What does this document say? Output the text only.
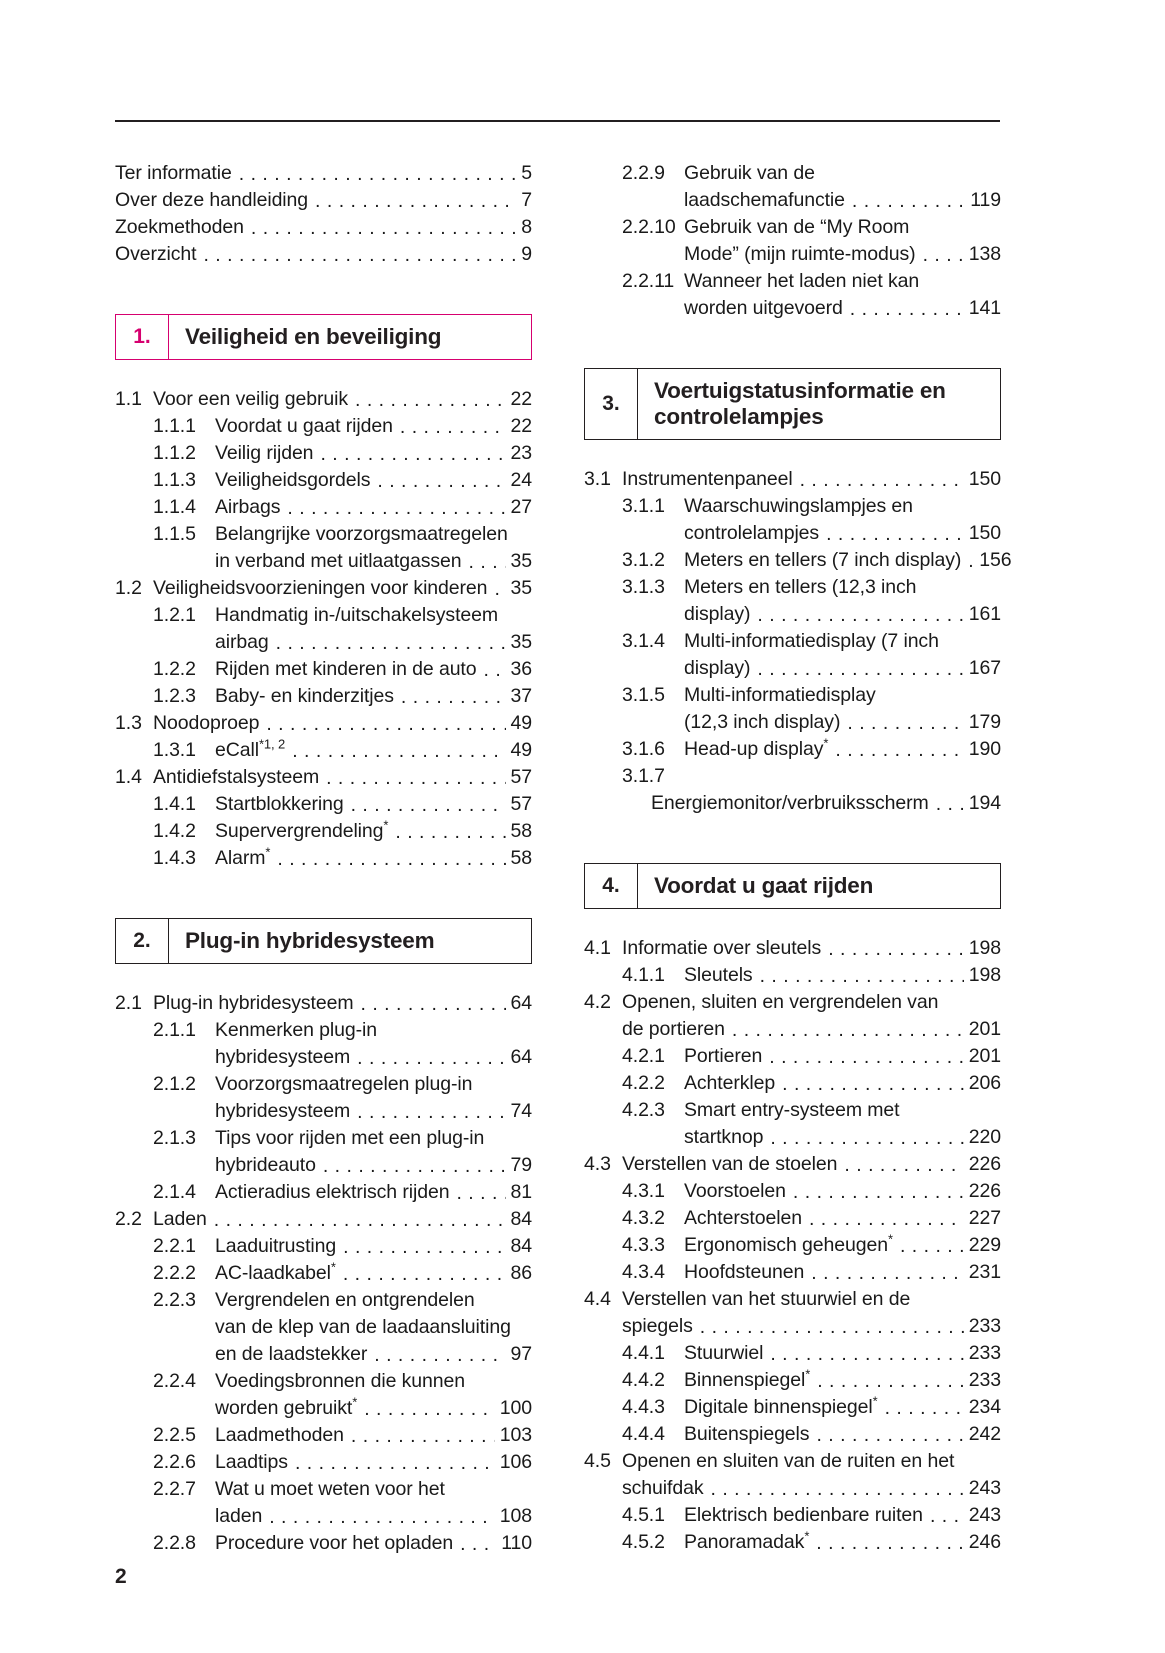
Ter informatie . . .	5
Over deze handleiding . . .	7
Zoekmethoden . . .	8
Overzicht . . .	9
1.	Veiligheid en beveiliging
1.1 Voor een veilig gebruik . . .	22
1.1.1 Voordat u gaat rijden . . .	22
1.1.2 Veilig rijden . . .	23
1.1.3 Veiligheidsgordels . . .	24
1.1.4 Airbags . . .	27
1.1.5 Belangrijke voorzorgsmaatregelen
in verband met uitlaatgassen . . .	35
1.2 Veiligheidsvoorzieningen voor kinderen . . . 35
1.2.1 Handmatig in-/uitschakelsysteem
airbag . . .	35
1.2.2 Rijden met kinderen in de auto . . . 36
1.2.3 Baby- en kinderzitjes . . .	37
1.3 Noodoproep . . .	49
1.3.1 eCall$^{*1, 2}$ . . .	49
1.4 Antidiefstalsysteem . . .	57
1.4.1 Startblokkering . . .	57
1.4.2 Supervergrendeling* . . .	58
1.4.3 Alarm* . . .	58
2.	Plug-in hybridesysteem
2.1 Plug-in hybridesysteem . . .	64
2.1.1 Kenmerken plug-in
hybridesysteem . . .	64
2.1.2 Voorzorgsmaatregelen plug-in
hybridesysteem . . .	74
2.1.3 Tips voor rijden met een plug-in
hybrideauto . . .	79
2.1.4 Actieradius elektrisch rijden . . .	81
2.2 Laden . . .	84
2.2.1 Laaduitrusting . . .	84
2.2.2 AC-laadkabel* . . .	86
2.2.3 Vergrendelen en ontgrendelen
van de klep van de laadaansluiting
en de laadstekker . . .	97
2.2.4 Voedingsbronnen die kunnen
worden gebruikt* . . .	100
2.2.5 Laadmethoden . . .	103
2.2.6 Laadtips . . .	106
2.2.7 Wat u moet weten voor het
laden . . .	108
2.2.8 Procedure voor het opladen . . . 110
2.2.9 Gebruik van de
laadschemafunctie . . .	119
2.2.10 Gebruik van de “My Room
Mode” (mijn ruimte-modus) . . .	138
2.2.11 Wanneer het laden niet kan
worden uitgevoerd . . .	141
3.
Voertuigstatusinformatie en controlelampjes
3.1 Instrumentenpaneel . . .	150
3.1.1 Waarschuwingslampjes en
controlelampjes . . .	150
3.1.2 Meters en tellers (7 inch display) . . . 156
3.1.3 Meters en tellers (12,3 inch
display) . . .	161
3.1.4 Multi-informatiedisplay (7 inch
display) . . .	167
3.1.5 Multi-informatiedisplay
(12,3 inch display) . . .	179
3.1.6 Head-up display* . . .	190
3.1.7
Energiemonitor/verbruiksscherm . . . 194
4.	Voordat u gaat rijden
4.1 Informatie over sleutels . . .	198
4.1.1 Sleutels . . .	198
4.2 Openen, sluiten en vergrendelen van
de portieren . . .	201
4.2.1 Portieren . . .	201
4.2.2 Achterklep . . .	206
4.2.3 Smart entry-systeem met
startknop . . .	220
4.3 Verstellen van de stoelen . . .	226
4.3.1 Voorstoelen . . .	226
4.3.2 Achterstoelen . . .	227
4.3.3 Ergonomisch geheugen* . . .	229
4.3.4 Hoofdsteunen . . .	231
4.4 Verstellen van het stuurwiel en de
spiegels . . .	233
4.4.1 Stuurwiel . . .	233
4.4.2 Binnenspiegel* . . .	233
4.4.3 Digitale binnenspiegel* . . .	234
4.4.4 Buitenspiegels . . .	242
4.5 Openen en sluiten van de ruiten en het
schuifdak . . .	243
4.5.1 Elektrisch bedienbare ruiten . . . 243
4.5.2 Panoramadak* . . .	246
2
